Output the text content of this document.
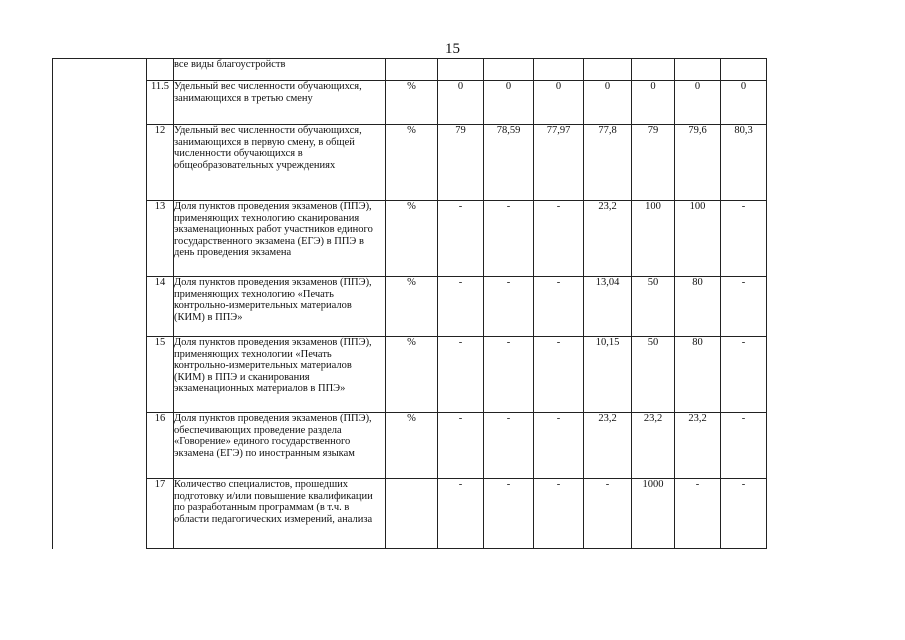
15
		все виды благоустройств								
	11.5	Удельный вес численности обучающихся, занимающихся в третью смену	%	0	0	0	0	0	0	0
	12	Удельный вес численности обучающихся, занимающихся в первую смену, в общей численности обучающихся в общеобразовательных учреждениях	%	79	78,59	77,97	77,8	79	79,6	80,3
	13	Доля пунктов проведения экзаменов (ППЭ), применяющих технологию сканирования экзаменационных работ участников единого государственного экзамена (ЕГЭ) в ППЭ в день проведения экзамена	%	-	-	-	23,2	100	100	-
	14	Доля пунктов проведения экзаменов (ППЭ), применяющих технологию «Печать контрольно-измерительных материалов (КИМ) в ППЭ»	%	-	-	-	13,04	50	80	-
	15	Доля пунктов проведения экзаменов (ППЭ), применяющих технологии «Печать контрольно-измерительных материалов (КИМ) в ППЭ и сканирования экзаменационных материалов в ППЭ»	%	-	-	-	10,15	50	80	-
	16	Доля пунктов проведения экзаменов (ППЭ), обеспечивающих проведение раздела «Говорение» единого государственного экзамена (ЕГЭ) по иностранным языкам	%	-	-	-	23,2	23,2	23,2	-
	17	Количество специалистов, прошедших подготовку и/или повышение квалификации по разработанным программам (в т.ч. в области педагогических измерений, анализа		-	-	-	-	1000	-	-
